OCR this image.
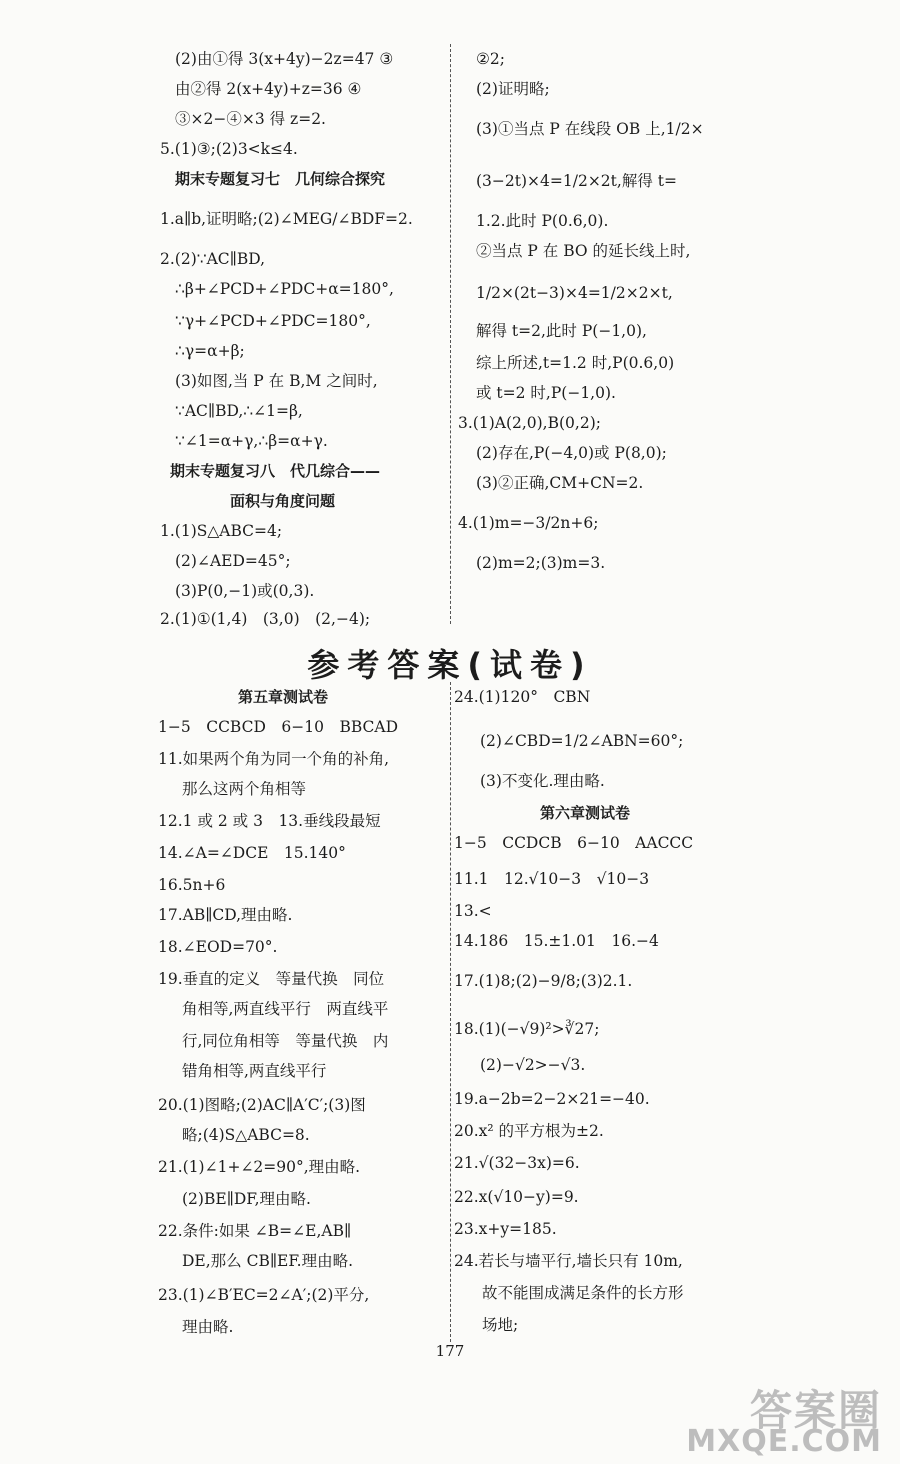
(2)由①得 3(x+4y)−2z=47 ③
由②得 2(x+4y)+z=36 ④
③×2−④×3 得 z=2.
5.(1)③;(2)3<k≤4.
期末专题复习七　几何综合探究
1.a∥b,证明略;(2)∠MEG/∠BDF=2.
2.(2)∵AC∥BD,
∴β+∠PCD+∠PDC+α=180°,
∵γ+∠PCD+∠PDC=180°,
∴γ=α+β;
(3)如图,当 P 在 B,M 之间时,
∵AC∥BD,∴∠1=β,
∵∠1=α+γ,∴β=α+γ.
期末专题复习八　代几综合——
面积与角度问题
1.(1)S△ABC=4;
(2)∠AED=45°;
(3)P(0,−1)或(0,3).
2.(1)①(1,4)　(3,0)　(2,−4);
②2;
(2)证明略;
(3)①当点 P 在线段 OB 上,1/2×
(3−2t)×4=1/2×2t,解得 t=
1.2.此时 P(0.6,0).
②当点 P 在 BO 的延长线上时,
1/2×(2t−3)×4=1/2×2×t,
解得 t=2,此时 P(−1,0),
综上所述,t=1.2 时,P(0.6,0)
或 t=2 时,P(−1,0).
3.(1)A(2,0),B(0,2);
(2)存在,P(−4,0)或 P(8,0);
(3)②正确,CM+CN=2.
4.(1)m=−3/2n+6;
(2)m=2;(3)m=3.
参考答案(试卷)
第五章测试卷
1−5　CCBCD　6−10　BBCAD
11.如果两个角为同一个角的补角,
那么这两个角相等
12.1 或 2 或 3　13.垂线段最短
14.∠A=∠DCE　15.140°
16.5n+6
17.AB∥CD,理由略.
18.∠EOD=70°.
19.垂直的定义　等量代换　同位
角相等,两直线平行　两直线平
行,同位角相等　等量代换　内
错角相等,两直线平行
20.(1)图略;(2)AC∥A′C′;(3)图
略;(4)S△ABC=8.
21.(1)∠1+∠2=90°,理由略.
(2)BE∥DF,理由略.
22.条件:如果 ∠B=∠E,AB∥
DE,那么 CB∥EF.理由略.
23.(1)∠B′EC=2∠A′;(2)平分,
理由略.
24.(1)120°　CBN
(2)∠CBD=1/2∠ABN=60°;
(3)不变化.理由略.
第六章测试卷
1−5　CCDCB　6−10　AACCC
11.1　12.√10−3　√10−3
13.<
14.186　15.±1.01　16.−4
17.(1)8;(2)−9/8;(3)2.1.
18.(1)(−√9)²>∛27;
(2)−√2>−√3.
19.a−2b=2−2×21=−40.
20.x² 的平方根为±2.
21.√(32−3x)=6.
22.x(√10−y)=9.
23.x+y=185.
24.若长与墙平行,墙长只有 10m,
故不能围成满足条件的长方形
场地;
177
答案圈
MXQE.COM
